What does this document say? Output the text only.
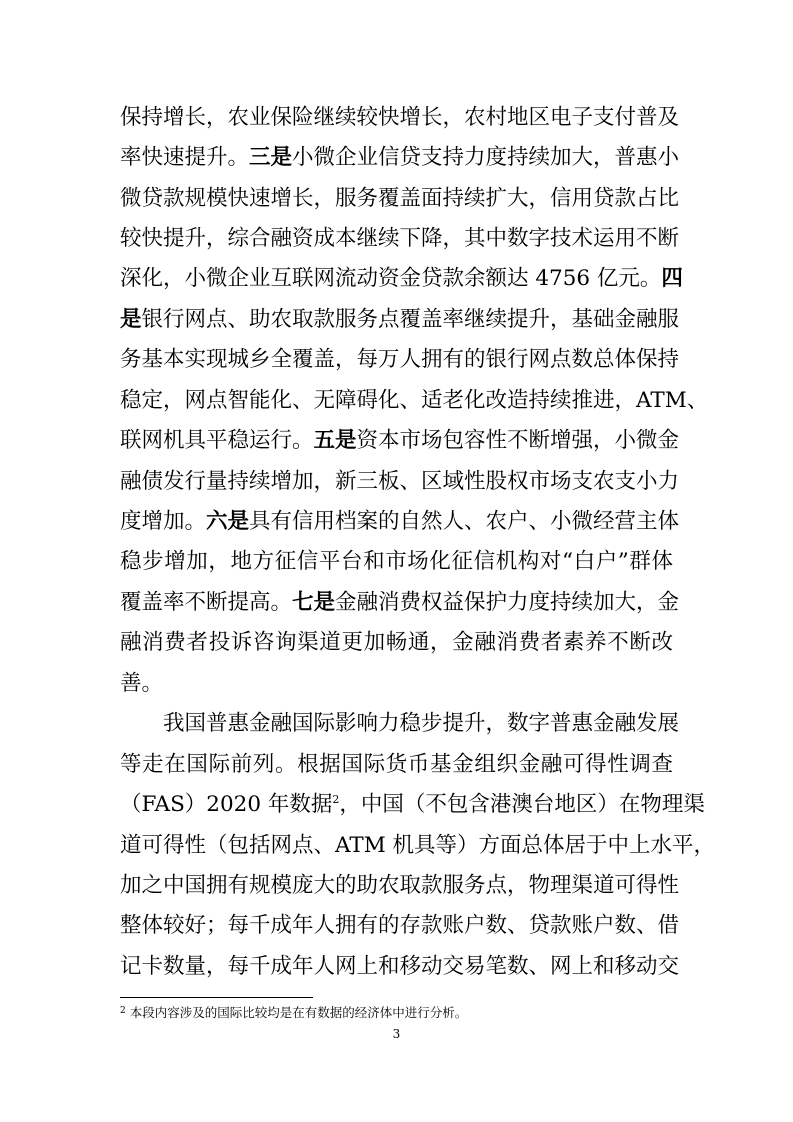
保持增长，农业保险继续较快增长，农村地区电子支付普及
率快速提升。三是小微企业信贷支持力度持续加大，普惠小
微贷款规模快速增长，服务覆盖面持续扩大，信用贷款占比
较快提升，综合融资成本继续下降，其中数字技术运用不断
深化，小微企业互联网流动资金贷款余额达 4756 亿元。四
是银行网点、助农取款服务点覆盖率继续提升，基础金融服
务基本实现城乡全覆盖，每万人拥有的银行网点数总体保持
稳定，网点智能化、无障碍化、适老化改造持续推进，ATM、
联网机具平稳运行。五是资本市场包容性不断增强，小微金
融债发行量持续增加，新三板、区域性股权市场支农支小力
度增加。六是具有信用档案的自然人、农户、小微经营主体
稳步增加，地方征信平台和市场化征信机构对“白户”群体
覆盖率不断提高。七是金融消费权益保护力度持续加大，金
融消费者投诉咨询渠道更加畅通，金融消费者素养不断改
善。
我国普惠金融国际影响力稳步提升，数字普惠金融发展
等走在国际前列。根据国际货币基金组织金融可得性调查
（FAS）2020 年数据$^2$，中国（不包含港澳台地区）在物理渠
道可得性（包括网点、ATM 机具等）方面总体居于中上水平，
加之中国拥有规模庞大的助农取款服务点，物理渠道可得性
整体较好；每千成年人拥有的存款账户数、贷款账户数、借
记卡数量，每千成年人网上和移动交易笔数、网上和移动交
$^2$ 本段内容涉及的国际比较均是在有数据的经济体中进行分析。
3
